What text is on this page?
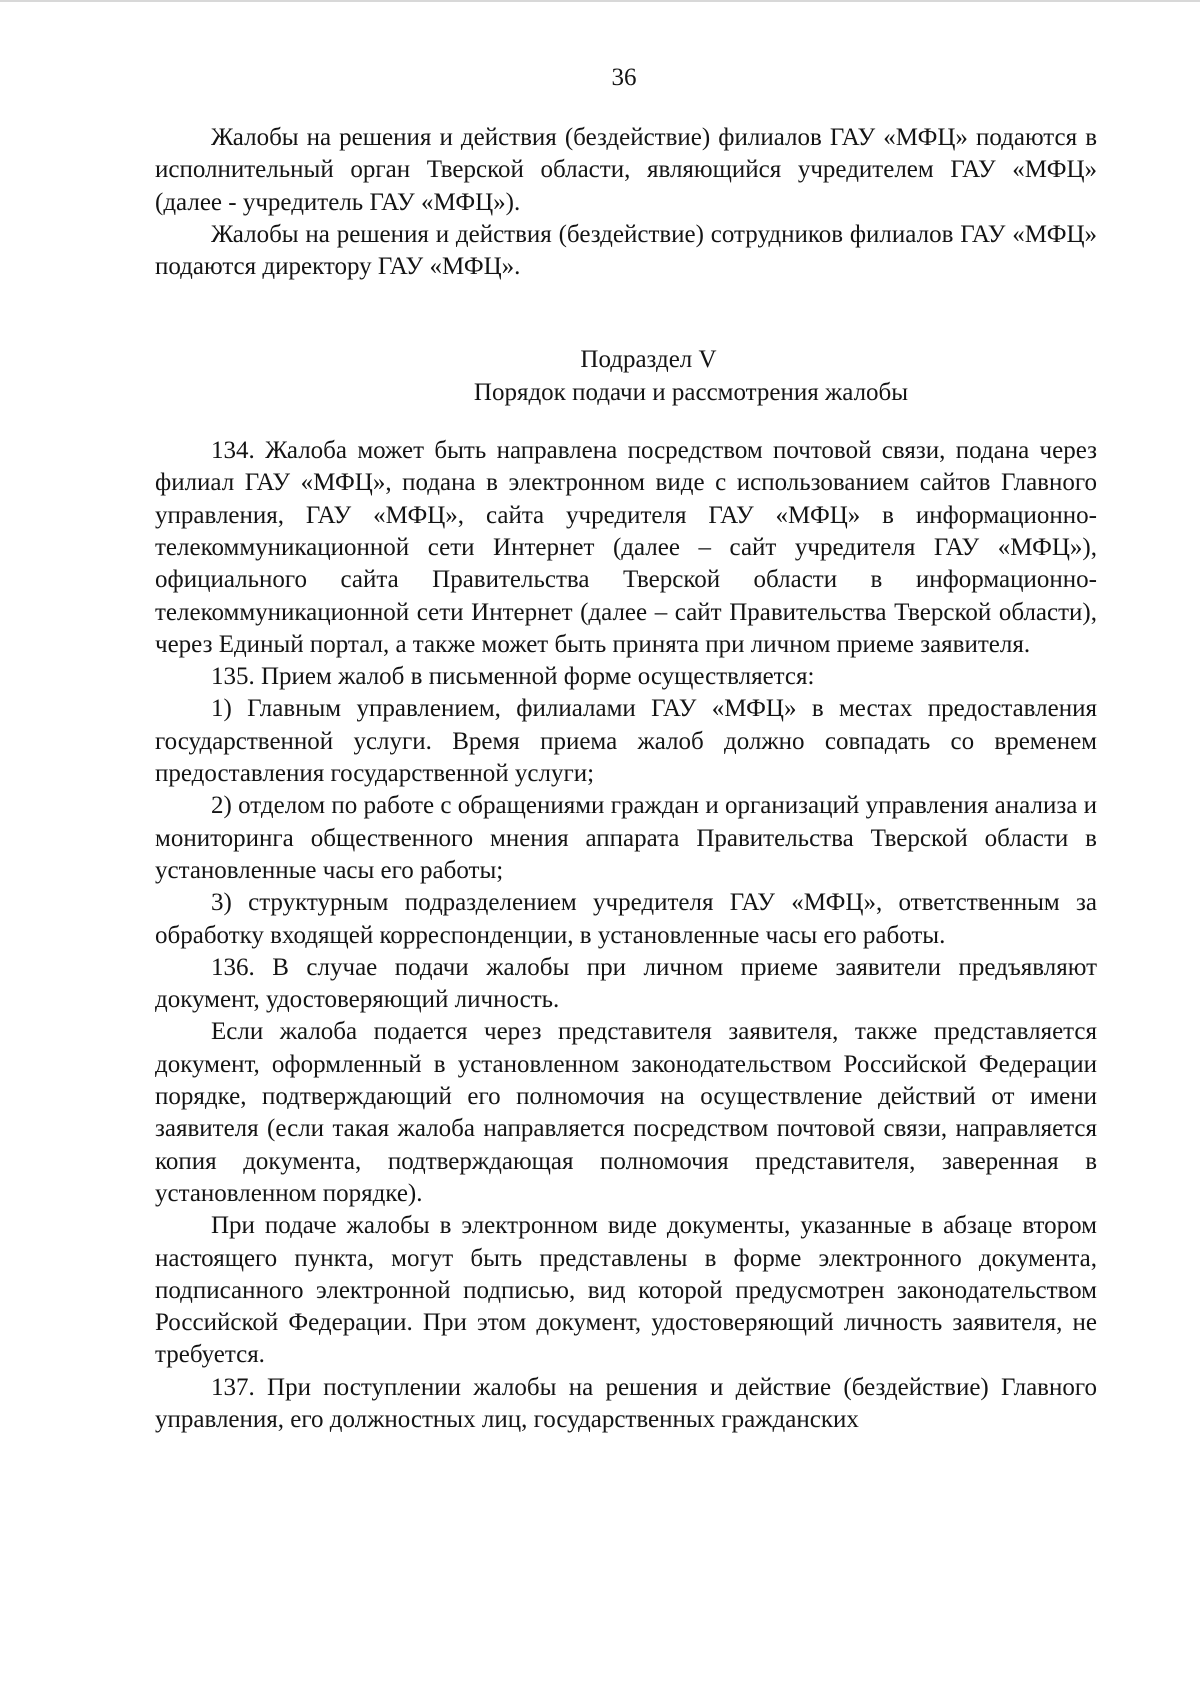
36

Жалобы на решения и действия (бездействие) филиалов ГАУ «МФЦ» подаются в исполнительный орган Тверской области, являющийся учредителем ГАУ «МФЦ» (далее - учредитель ГАУ «МФЦ»).

Жалобы на решения и действия (бездействие) сотрудников филиалов ГАУ «МФЦ» подаются директору ГАУ «МФЦ».

Подраздел V

Порядок подачи и рассмотрения жалобы

134. Жалоба может быть направлена посредством почтовой связи, подана через филиал ГАУ «МФЦ», подана в электронном виде с использованием сайтов Главного управления, ГАУ «МФЦ», сайта учредителя ГАУ «МФЦ» в информационно-телекоммуникационной сети Интернет (далее – сайт учредителя ГАУ «МФЦ»), официального сайта Правительства Тверской области в информационно-телекоммуникационной сети Интернет (далее – сайт Правительства Тверской области), через Единый портал, а также может быть принята при личном приеме заявителя.

135. Прием жалоб в письменной форме осуществляется:

1) Главным управлением, филиалами ГАУ «МФЦ» в местах предоставления государственной услуги. Время приема жалоб должно совпадать со временем предоставления государственной услуги;

2) отделом по работе с обращениями граждан и организаций управления анализа и мониторинга общественного мнения аппарата Правительства Тверской области в установленные часы его работы;

3) структурным подразделением учредителя ГАУ «МФЦ», ответственным за обработку входящей корреспонденции, в установленные часы его работы.

136. В случае подачи жалобы при личном приеме заявители предъявляют документ, удостоверяющий личность.

Если жалоба подается через представителя заявителя, также представляется документ, оформленный в установленном законодательством Российской Федерации порядке, подтверждающий его полномочия на осуществление действий от имени заявителя (если такая жалоба направляется посредством почтовой связи, направляется копия документа, подтверждающая полномочия представителя, заверенная в установленном порядке).

При подаче жалобы в электронном виде документы, указанные в абзаце втором настоящего пункта, могут быть представлены в форме электронного документа, подписанного электронной подписью, вид которой предусмотрен законодательством Российской Федерации. При этом документ, удостоверяющий личность заявителя, не требуется.

137. При поступлении жалобы на решения и действие (бездействие) Главного управления, его должностных лиц, государственных гражданских
